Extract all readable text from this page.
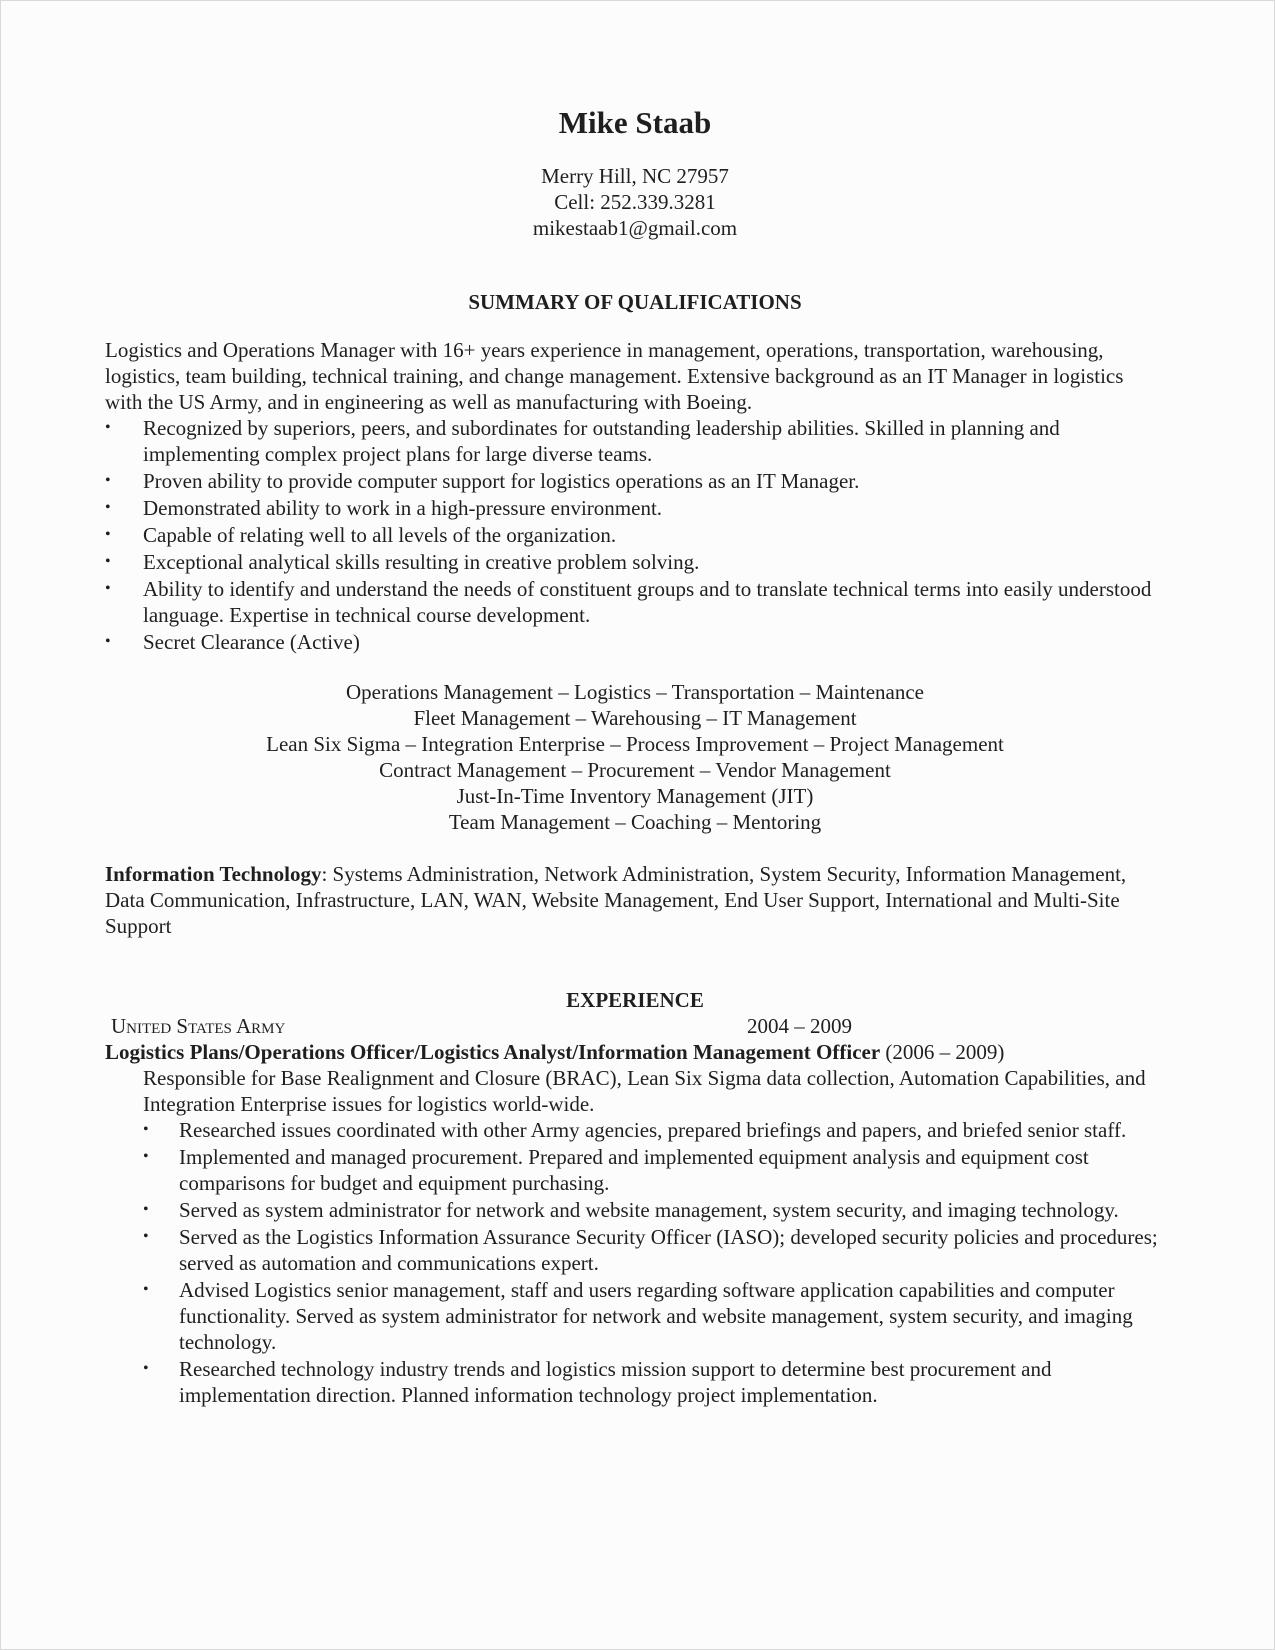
Mike Staab
Merry Hill, NC 27957
Cell: 252.339.3281
mikestaab1@gmail.com
SUMMARY OF QUALIFICATIONS

Logistics and Operations Manager with 16+ years experience in management, operations, transportation, warehousing, logistics, team building, technical training, and change management. Extensive background as an IT Manager in logistics with the US Army, and in engineering as well as manufacturing with Boeing.

• Recognized by superiors, peers, and subordinates for outstanding leadership abilities. Skilled in planning and implementing complex project plans for large diverse teams.
• Proven ability to provide computer support for logistics operations as an IT Manager.
• Demonstrated ability to work in a high-pressure environment.
• Capable of relating well to all levels of the organization.
• Exceptional analytical skills resulting in creative problem solving.
• Ability to identify and understand the needs of constituent groups and to translate technical terms into easily understood language. Expertise in technical course development.
• Secret Clearance (Active)
Operations Management – Logistics – Transportation – Maintenance
Fleet Management – Warehousing – IT Management
Lean Six Sigma – Integration Enterprise – Process Improvement – Project Management
Contract Management – Procurement – Vendor Management
Just-In-Time Inventory Management (JIT)
Team Management – Coaching – Mentoring

Information Technology: Systems Administration, Network Administration, System Security, Information Management, Data Communication, Infrastructure, LAN, WAN, Website Management, End User Support, International and Multi-Site Support

EXPERIENCE
United States Army	2004 – 2009
Logistics Plans/Operations Officer/Logistics Analyst/Information Management Officer (2006 – 2009)

Responsible for Base Realignment and Closure (BRAC), Lean Six Sigma data collection, Automation Capabilities, and Integration Enterprise issues for logistics world-wide.

• Researched issues coordinated with other Army agencies, prepared briefings and papers, and briefed senior staff.
• Implemented and managed procurement. Prepared and implemented equipment analysis and equipment cost comparisons for budget and equipment purchasing.
• Served as system administrator for network and website management, system security, and imaging technology.
• Served as the Logistics Information Assurance Security Officer (IASO); developed security policies and procedures; served as automation and communications expert.
• Advised Logistics senior management, staff and users regarding software application capabilities and computer functionality. Served as system administrator for network and website management, system security, and imaging technology.
• Researched technology industry trends and logistics mission support to determine best procurement and implementation direction. Planned information technology project implementation.
